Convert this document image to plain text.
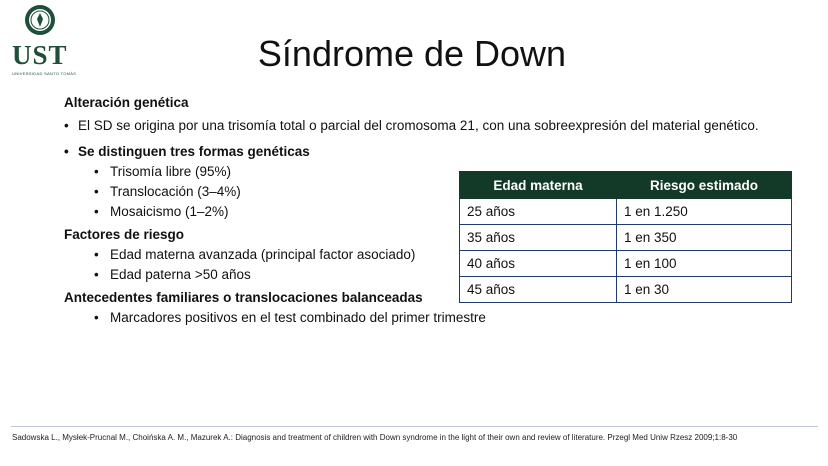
UST
UNIVERSIDAD SANTO TOMÁS	Síndrome de Down
Alteración genética
• El SD se origina por una trisomía total o parcial del cromosoma 21, con una sobreexpresión del material genético.
• Se distinguen tres formas genéticas
• Trisomía libre (95%)
• Translocación (3–4%)
• Mosaicismo (1–2%)
Factores de riesgo
• Edad materna avanzada (principal factor asociado)
• Edad paterna >50 años
Antecedentes familiares o translocaciones balanceadas
• Marcadores positivos en el test combinado del primer trimestre
Edad materna	Riesgo estimado
25 años	1 en 1.250
35 años	1 en 350
40 años	1 en 100
45 años	1 en 30
Sadowska L., Mysłek-Prucnal M., Choińska A. M., Mazurek A.: Diagnosis and treatment of children with Down syndrome in the light of their own and review of literature. Przegl Med Uniw Rzesz 2009;1:8-30
